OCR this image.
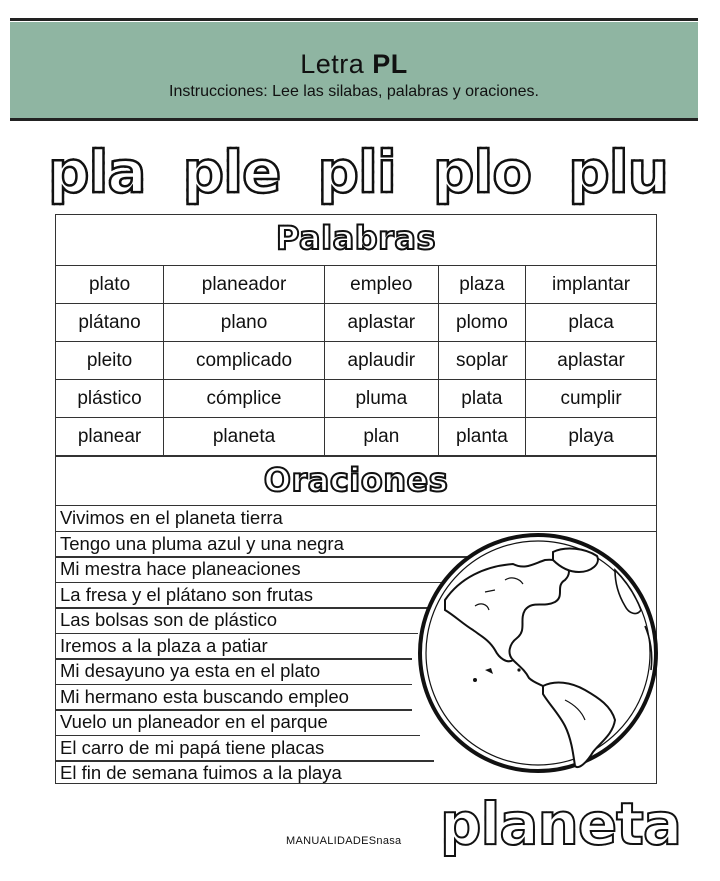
Letra PL
Instrucciones: Lee las silabas, palabras y oraciones.
pla ple pli plo plu
Palabras
plato	planeador	empleo	plaza	implantar
plátano	plano	aplastar	plomo	placa
pleito	complicado	aplaudir	soplar	aplastar
plástico	cómplice	pluma	plata	cumplir
planear	planeta	plan	planta	playa
Oraciones
Vivimos en el planeta tierra
Tengo una pluma azul y una negra
Mi mestra hace planeaciones
La fresa y el plátano son frutas
Las bolsas son de plástico
Iremos a la plaza a patiar
Mi desayuno ya esta en el plato
Mi hermano esta buscando empleo
Vuelo un planeador en el parque
El carro de mi papá tiene placas
El fin de semana fuimos a la playa
MANUALIDADESnasa planeta
